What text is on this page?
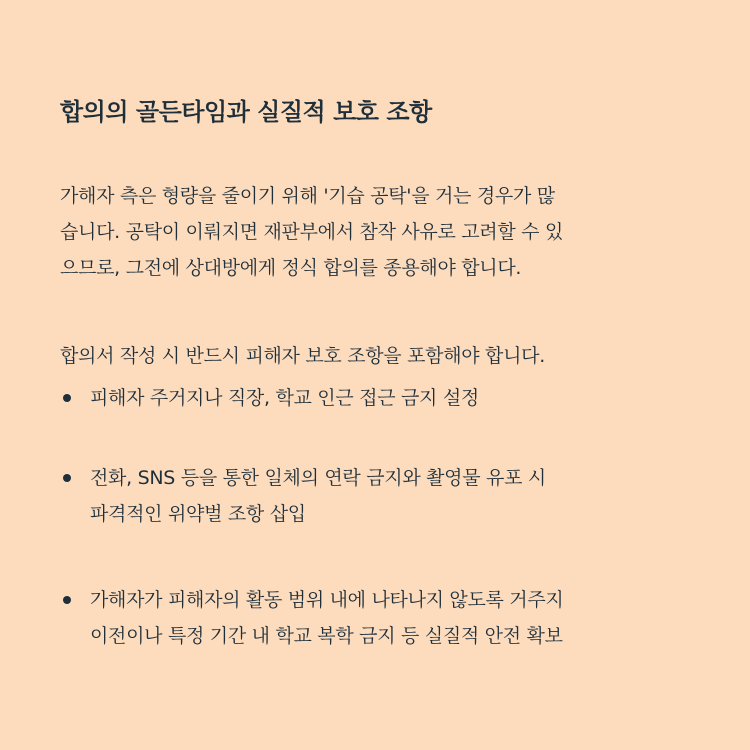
합의의 골든타임과 실질적 보호 조항
가해자 측은 형량을 줄이기 위해 '기습 공탁'을 거는 경우가 많
습니다. 공탁이 이뤄지면 재판부에서 참작 사유로 고려할 수 있
으므로, 그전에 상대방에게 정식 합의를 종용해야 합니다.
합의서 작성 시 반드시 피해자 보호 조항을 포함해야 합니다.
피해자 주거지나 직장, 학교 인근 접근 금지 설정
전화, SNS 등을 통한 일체의 연락 금지와 촬영물 유포 시
파격적인 위약벌 조항 삽입
가해자가 피해자의 활동 범위 내에 나타나지 않도록 거주지
이전이나 특정 기간 내 학교 복학 금지 등 실질적 안전 확보
